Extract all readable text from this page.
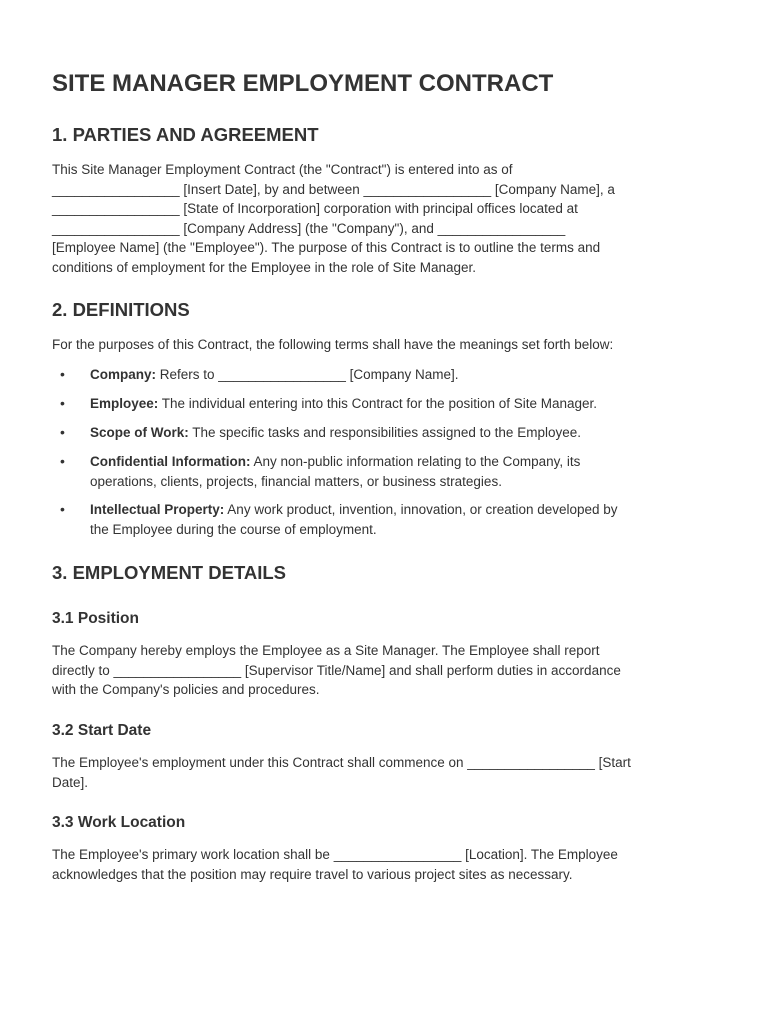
SITE MANAGER EMPLOYMENT CONTRACT
1. PARTIES AND AGREEMENT
This Site Manager Employment Contract (the "Contract") is entered into as of
_________________ [Insert Date], by and between _________________ [Company Name], a
_________________ [State of Incorporation] corporation with principal offices located at
_________________ [Company Address] (the "Company"), and _________________
[Employee Name] (the "Employee"). The purpose of this Contract is to outline the terms and
conditions of employment for the Employee in the role of Site Manager.
2. DEFINITIONS
For the purposes of this Contract, the following terms shall have the meanings set forth below:
• Company: Refers to _________________ [Company Name].
• Employee: The individual entering into this Contract for the position of Site Manager.
• Scope of Work: The specific tasks and responsibilities assigned to the Employee.
• Confidential Information: Any non-public information relating to the Company, its
operations, clients, projects, financial matters, or business strategies.
• Intellectual Property: Any work product, invention, innovation, or creation developed by
the Employee during the course of employment.
3. EMPLOYMENT DETAILS
3.1 Position
The Company hereby employs the Employee as a Site Manager. The Employee shall report
directly to _________________ [Supervisor Title/Name] and shall perform duties in accordance
with the Company's policies and procedures.
3.2 Start Date
The Employee's employment under this Contract shall commence on _________________ [Start
Date].
3.3 Work Location
The Employee's primary work location shall be _________________ [Location]. The Employee
acknowledges that the position may require travel to various project sites as necessary.
